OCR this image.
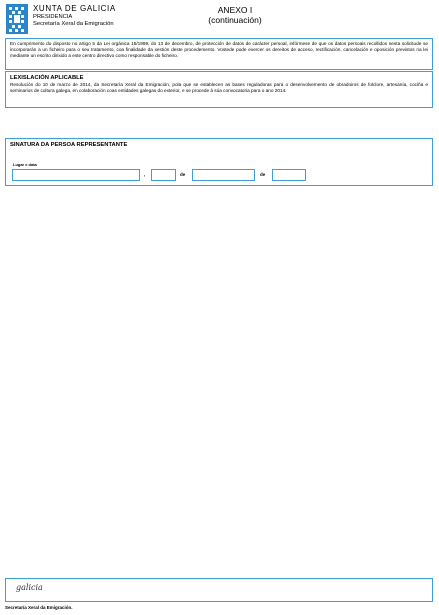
XUNTA DE GALICIA
PRESIDENCIA
Secretaría Xeral da Emigración
ANEXO I
(continuación)

En cumprimento do disposto no artigo 5 da Lei orgánica 15/1999, do 13 de decembro, de protección de datos de carácter persoal, infórmese de que os datos persoais recollidos nesta solicitude se incorporarán a un ficheiro para o seu tratamento, coa finalidade da xestión deste procedemento. Vostede pode exercer os dereitos de acceso, rectificación, cancelación e oposición previstos na lei mediante un escrito dirixido a este centro directivo como responsable do ficheiro.

LEXISLACIÓN APLICABLE

Resolución do 10 de marzo de 2014, da Secretaría Xeral da Emigración, pola que se establecen as bases reguladoras para o desenvolvemento de obradoiros de folclore, artesanía, cociña e seminarios de cultura galega, en colaboración coas entidades galegas do exterior, e se procede á súa convocatoria para o ano 2014.

SINATURA DA PERSOA REPRESENTANTE
Lugar e data
,	de	de
galicia
Secretaría Xeral da Emigración.
